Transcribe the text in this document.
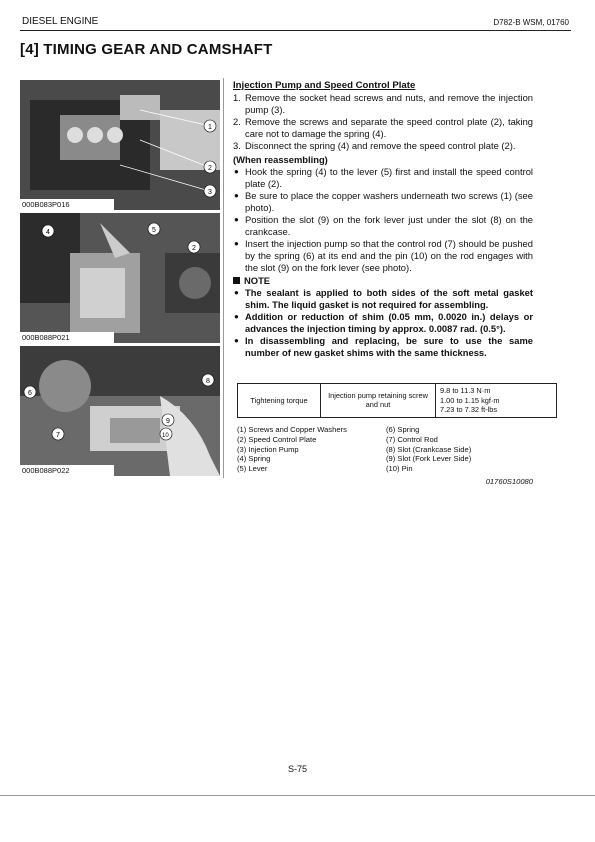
DIESEL ENGINE	D782-B WSM, 01760
[4] TIMING GEAR AND CAMSHAFT
1
2
3
000B083P016
4	5
2
000B088P021
6
8
9
10
7
000B088P022
Injection Pump and Speed Control Plate
1. Remove the socket head screws and nuts, and remove the injection pump (3).
2. Remove the screws and separate the speed control plate (2), taking care not to damage the spring (4).
3. Disconnect the spring (4) and remove the speed control plate (2).
(When reassembling)
● Hook the spring (4) to the lever (5) first and install the speed control plate (2).
● Be sure to place the copper washers underneath two screws (1) (see photo).
● Position the slot (9) on the fork lever just under the slot (8) on the crankcase.
● Insert the injection pump so that the control rod (7) should be pushed by the spring (6) at its end and the pin (10) on the rod engages with the slot (9) on the fork lever (see photo).
NOTE
● The sealant is applied to both sides of the soft metal gasket shim. The liquid gasket is not required for assembling.
● Addition or reduction of shim (0.05 mm, 0.0020 in.) delays or advances the injection timing by approx. 0.0087 rad. (0.5°).
● In disassembling and replacing, be sure to use the same number of new gasket shims with the same thickness.
Tightening torque	Injection pump retaining screw and nut	
9.8 to 11.3 N·m
1.00 to 1.15 kgf·m
7.23 to 7.32 ft-lbs
(1) Screws and Copper Washers
(2) Speed Control Plate
(3) Injection Pump
(4) Spring
(5) Lever
(6) Spring
(7) Control Rod
(8) Slot (Crankcase Side)
(9) Slot (Fork Lever Side)
(10) Pin
01760S10080
S-75
